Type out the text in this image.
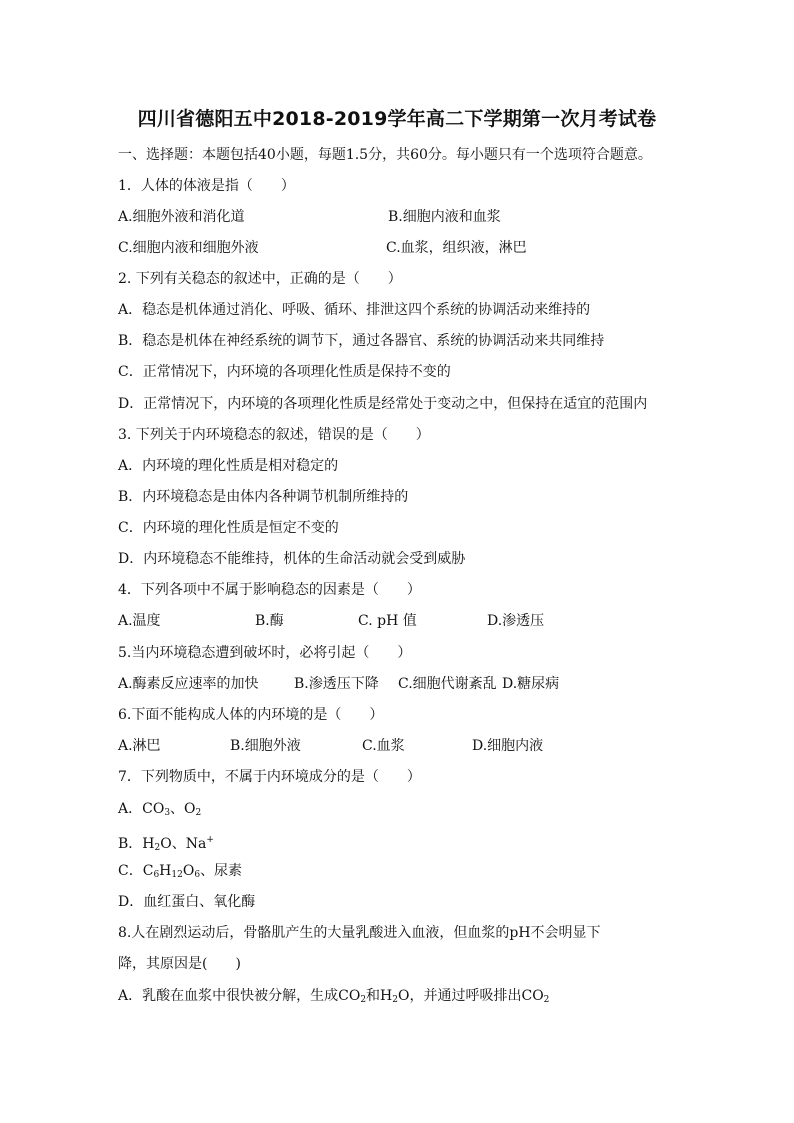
四川省德阳五中2018-2019学年高二下学期第一次月考试卷
一、选择题：本题包括40小题，每题1.5分，共60分。每小题只有一个选项符合题意。
1．人体的体液是指（　　）
A.细胞外液和消化道	B.细胞内液和血浆
C.细胞内液和细胞外液	C.血浆，组织液，淋巴
2. 下列有关稳态的叙述中，正确的是（　　）
A．稳态是机体通过消化、呼吸、循环、排泄这四个系统的协调活动来维持的
B．稳态是机体在神经系统的调节下，通过各器官、系统的协调活动来共同维持
C．正常情况下，内环境的各项理化性质是保持不变的
D．正常情况下，内环境的各项理化性质是经常处于变动之中，但保持在适宜的范围内
3. 下列关于内环境稳态的叙述，错误的是（　　）
A．内环境的理化性质是相对稳定的
B．内环境稳态是由体内各种调节机制所维持的
C．内环境的理化性质是恒定不变的
D．内环境稳态不能维持，机体的生命活动就会受到威胁
4．下列各项中不属于影响稳态的因素是（　　）
A.温度	B.酶	C. pH 值	D.渗透压
5.当内环境稳态遭到破坏时，必将引起（　　）
A.酶素反应速率的加快	B.渗透压下降 C.细胞代谢紊乱 D.糖尿病
6.下面不能构成人体的内环境的是（　　）
A.淋巴	B.细胞外液	C.血浆	D.细胞内液
7．下列物质中，不属于内环境成分的是（　　）
A．$CO_3$、$O_2$
B．$H_2O$、Na+
C．$C_6H_{12}O_6$、尿素
D．血红蛋白、氧化酶
8.人在剧烈运动后，骨骼肌产生的大量乳酸进入血液，但血浆的pH不会明显下
降，其原因是(　　)
A．乳酸在血浆中很快被分解，生成$CO_2$和$H_2O$，并通过呼吸排出$CO_2$
